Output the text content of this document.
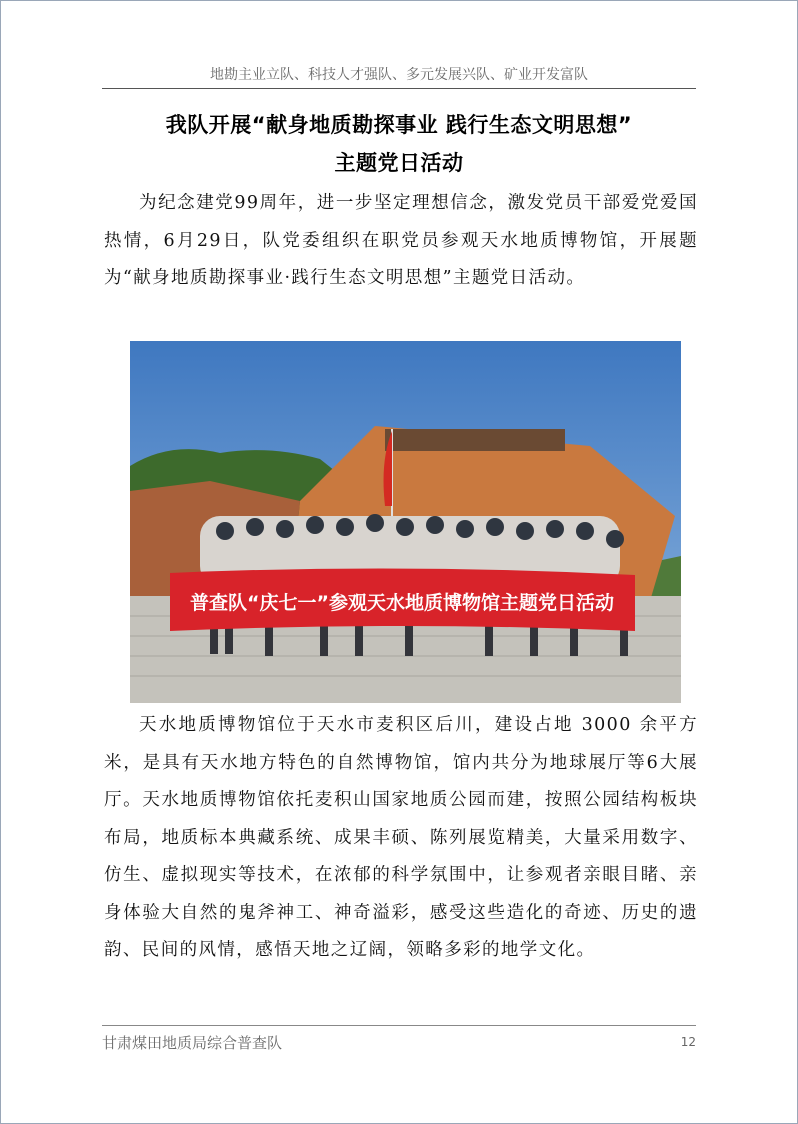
地勘主业立队、科技人才强队、多元发展兴队、矿业开发富队
我队开展“献身地质勘探事业 践行生态文明思想”
主题党日活动

为纪念建党99周年，进一步坚定理想信念，激发党员干部爱党爱国热情，6月29日，队党委组织在职党员参观天水地质博物馆，开展题为“献身地质勘探事业·践行生态文明思想”主题党日活动。

普查队“庆七一”参观天水地质博物馆主题党日活动

天水地质博物馆位于天水市麦积区后川，建设占地 3000 余平方米，是具有天水地方特色的自然博物馆，馆内共分为地球展厅等6大展厅。天水地质博物馆依托麦积山国家地质公园而建，按照公园结构板块布局，地质标本典藏系统、成果丰硕、陈列展览精美，大量采用数字、仿生、虚拟现实等技术，在浓郁的科学氛围中，让参观者亲眼目睹、亲身体验大自然的鬼斧神工、神奇溢彩，感受这些造化的奇迹、历史的遗韵、民间的风情，感悟天地之辽阔，领略多彩的地学文化。

甘肃煤田地质局综合普查队	12
